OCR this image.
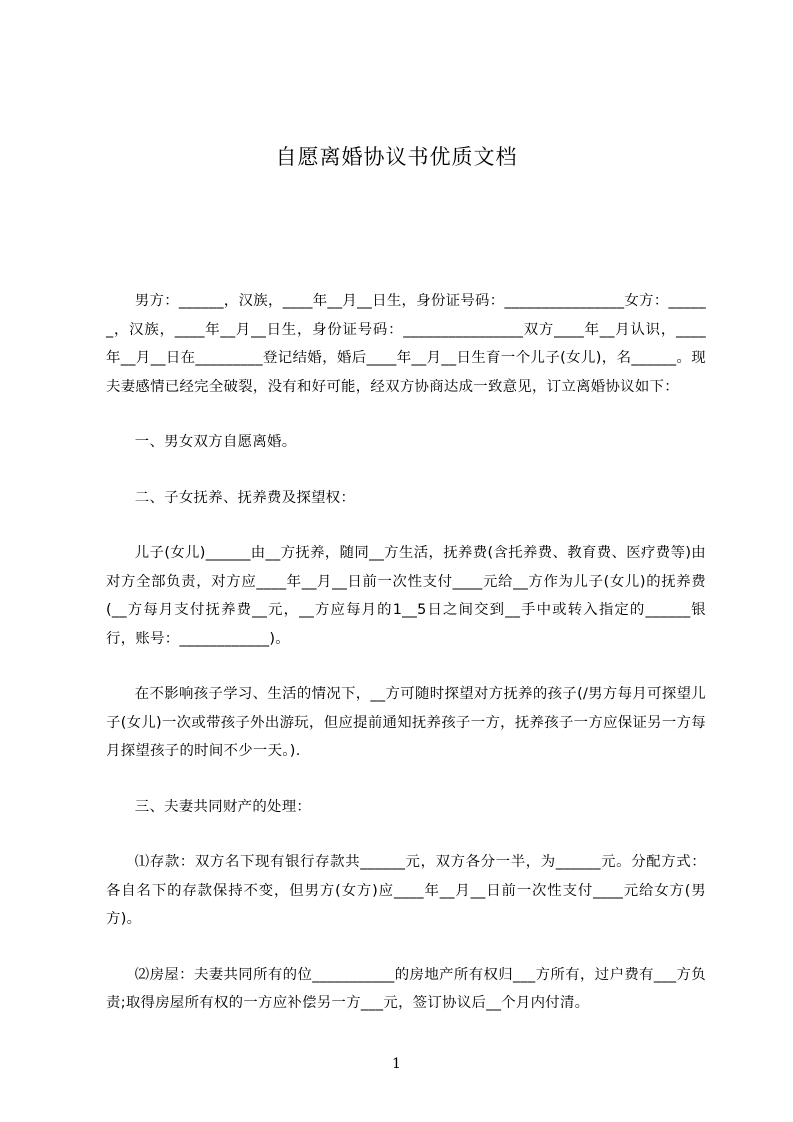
自愿离婚协议书优质文档

男方：______，汉族，____年__月__日生，身份证号码：________________女方：______，汉族，____年__月__日生，身份证号码：________________双方____年__月认识，____年__月__日在_________登记结婚，婚后____年__月__日生育一个儿子(女儿)，名______。现夫妻感情已经完全破裂，没有和好可能，经双方协商达成一致意见，订立离婚协议如下：

一、男女双方自愿离婚。

二、子女抚养、抚养费及探望权：

儿子(女儿)______由__方抚养，随同__方生活，抚养费(含托养费、教育费、医疗费等)由对方全部负责，对方应____年__月__日前一次性支付____元给__方作为儿子(女儿)的抚养费(__方每月支付抚养费__元，__方应每月的1__5日之间交到__手中或转入指定的______银行，账号：____________)。

在不影响孩子学习、生活的情况下，__方可随时探望对方抚养的孩子(/男方每月可探望儿子(女儿)一次或带孩子外出游玩，但应提前通知抚养孩子一方，抚养孩子一方应保证另一方每月探望孩子的时间不少一天。).

三、夫妻共同财产的处理：

⑴存款：双方名下现有银行存款共______元，双方各分一半，为______元。分配方式：各自名下的存款保持不变，但男方(女方)应____年__月__日前一次性支付____元给女方(男方)。

⑵房屋：夫妻共同所有的位___________的房地产所有权归___方所有，过户费有___方负责;取得房屋所有权的一方应补偿另一方___元，签订协议后__个月内付清。

1
